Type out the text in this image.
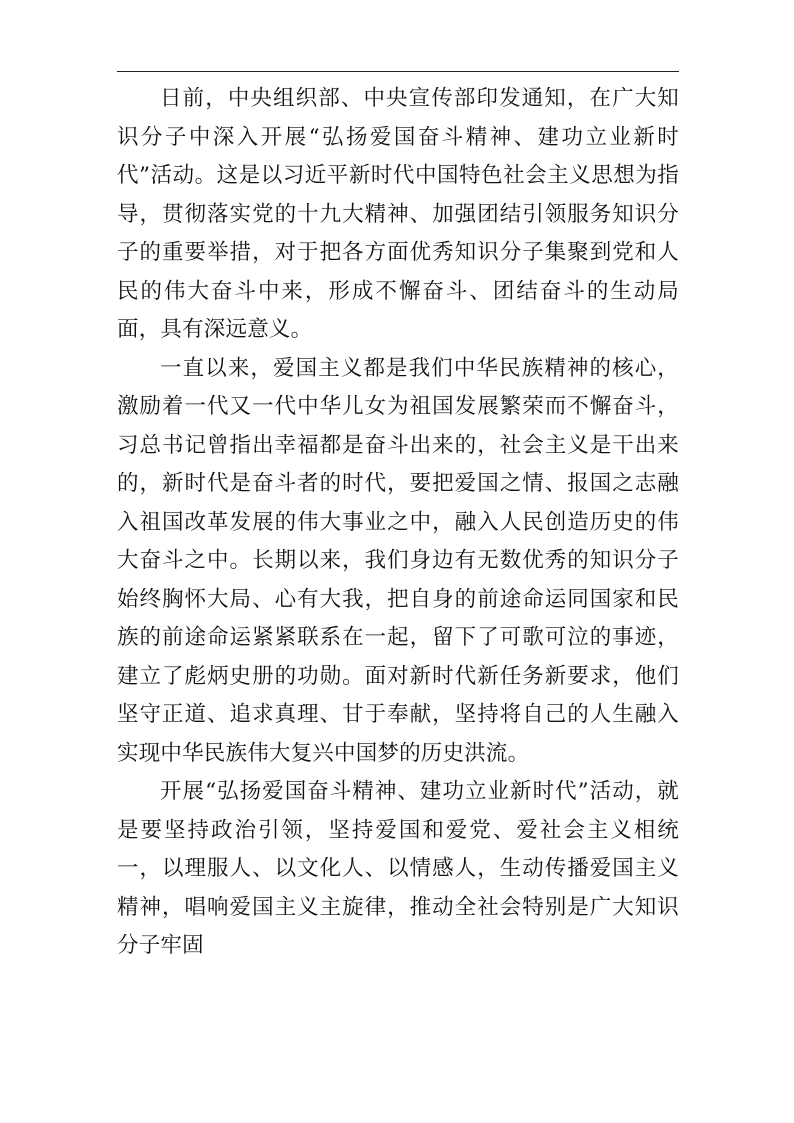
日前，中央组织部、中央宣传部印发通知，在广大知识分子中深入开展“弘扬爱国奋斗精神、建功立业新时代”活动。这是以习近平新时代中国特色社会主义思想为指导，贯彻落实党的十九大精神、加强团结引领服务知识分子的重要举措，对于把各方面优秀知识分子集聚到党和人民的伟大奋斗中来，形成不懈奋斗、团结奋斗的生动局面，具有深远意义。

一直以来，爱国主义都是我们中华民族精神的核心，激励着一代又一代中华儿女为祖国发展繁荣而不懈奋斗，习总书记曾指出幸福都是奋斗出来的，社会主义是干出来的，新时代是奋斗者的时代，要把爱国之情、报国之志融入祖国改革发展的伟大事业之中，融入人民创造历史的伟大奋斗之中。长期以来，我们身边有无数优秀的知识分子始终胸怀大局、心有大我，把自身的前途命运同国家和民族的前途命运紧紧联系在一起，留下了可歌可泣的事迹，建立了彪炳史册的功勋。面对新时代新任务新要求，他们坚守正道、追求真理、甘于奉献，坚持将自己的人生融入实现中华民族伟大复兴中国梦的历史洪流。

开展“弘扬爱国奋斗精神、建功立业新时代”活动，就是要坚持政治引领，坚持爱国和爱党、爱社会主义相统一，以理服人、以文化人、以情感人，生动传播爱国主义精神，唱响爱国主义主旋律，推动全社会特别是广大知识分子牢固
